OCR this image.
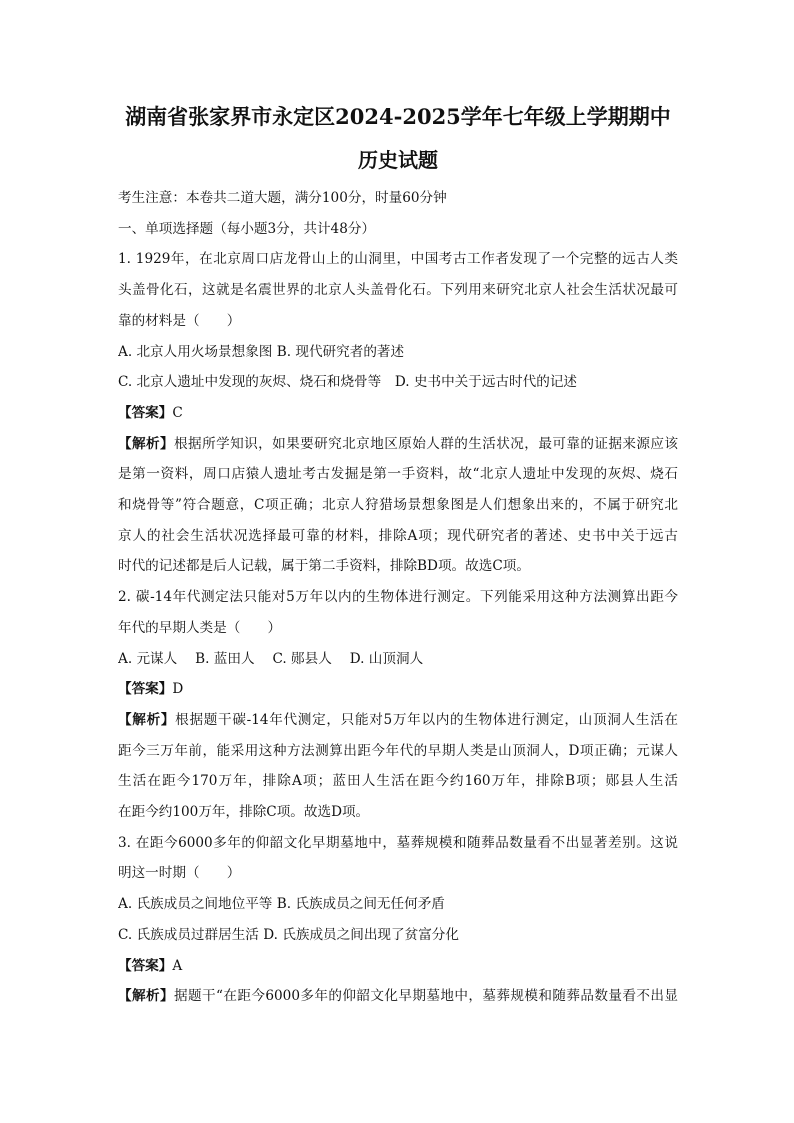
湖南省张家界市永定区2024-2025学年七年级上学期期中

历史试题

考生注意：本卷共二道大题，满分100分，时量60分钟

一、单项选择题（每小题3分，共计48分）

1. 1929年，在北京周口店龙骨山上的山洞里，中国考古工作者发现了一个完整的远古人类

头盖骨化石，这就是名震世界的北京人头盖骨化石。下列用来研究北京人社会生活状况最可

靠的材料是（　　）

A. 北京人用火场景想象图 B. 现代研究者的著述

C. 北京人遗址中发现的灰烬、烧石和烧骨等　D. 史书中关于远古时代的记述

【答案】C

【解析】根据所学知识，如果要研究北京地区原始人群的生活状况，最可靠的证据来源应该

是第一资料，周口店猿人遗址考古发掘是第一手资料，故“北京人遗址中发现的灰烬、烧石

和烧骨等”符合题意，C项正确；北京人狩猎场景想象图是人们想象出来的，不属于研究北

京人的社会生活状况选择最可靠的材料，排除A项；现代研究者的著述、史书中关于远古

时代的记述都是后人记载，属于第二手资料，排除BD项。故选C项。

2. 碳-14年代测定法只能对5万年以内的生物体进行测定。下列能采用这种方法测算出距今

年代的早期人类是（　　）

A. 元谋人　 B. 蓝田人　 C. 郧县人　 D. 山顶洞人

【答案】D

【解析】根据题干碳-14年代测定，只能对5万年以内的生物体进行测定，山顶洞人生活在

距今三万年前，能采用这种方法测算出距今年代的早期人类是山顶洞人，D项正确；元谋人

生活在距今170万年，排除A项；蓝田人生活在距今约160万年，排除B项；郧县人生活

在距今约100万年，排除C项。故选D项。

3. 在距今6000多年的仰韶文化早期墓地中，墓葬规模和随葬品数量看不出显著差别。这说

明这一时期（　　）

A. 氏族成员之间地位平等 B. 氏族成员之间无任何矛盾

C. 氏族成员过群居生活 D. 氏族成员之间出现了贫富分化

【答案】A

【解析】据题干“在距今6000多年的仰韶文化早期墓地中，墓葬规模和随葬品数量看不出显
